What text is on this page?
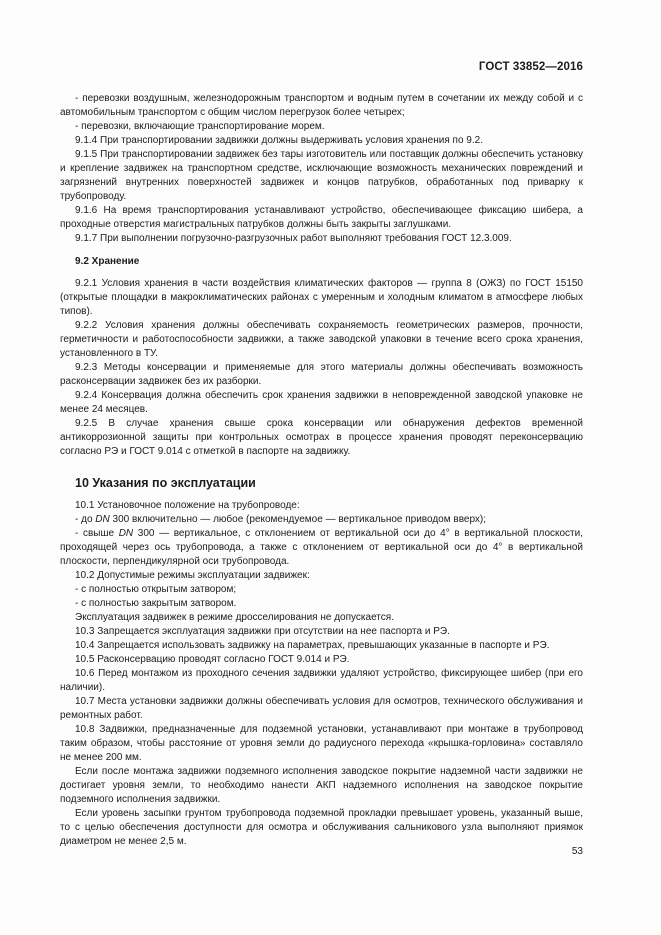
ГОСТ 33852—2016

- перевозки воздушным, железнодорожным транспортом и водным путем в сочетании их между собой и с автомобильным транспортом с общим числом перегрузок более четырех;

- перевозки, включающие транспортирование морем.

9.1.4 При транспортировании задвижки должны выдерживать условия хранения по 9.2.

9.1.5 При транспортировании задвижек без тары изготовитель или поставщик должны обеспечить установку и крепление задвижек на транспортном средстве, исключающие возможность механических повреждений и загрязнений внутренних поверхностей задвижек и концов патрубков, обработанных под приварку к трубопроводу.

9.1.6 На время транспортирования устанавливают устройство, обеспечивающее фиксацию шибера, а проходные отверстия магистральных патрубков должны быть закрыты заглушками.

9.1.7 При выполнении погрузочно-разгрузочных работ выполняют требования ГОСТ 12.3.009.

9.2 Хранение

9.2.1 Условия хранения в части воздействия климатических факторов — группа 8 (ОЖЗ) по ГОСТ 15150 (открытые площадки в макроклиматических районах с умеренным и холодным климатом в атмосфере любых типов).

9.2.2 Условия хранения должны обеспечивать сохраняемость геометрических размеров, прочности, герметичности и работоспособности задвижки, а также заводской упаковки в течение всего срока хранения, установленного в ТУ.

9.2.3 Методы консервации и применяемые для этого материалы должны обеспечивать возможность расконсервации задвижек без их разборки.

9.2.4 Консервация должна обеспечить срок хранения задвижки в неповрежденной заводской упаковке не менее 24 месяцев.

9.2.5 В случае хранения свыше срока консервации или обнаружения дефектов временной антикоррозионной защиты при контрольных осмотрах в процессе хранения проводят переконсервацию согласно РЭ и ГОСТ 9.014 с отметкой в паспорте на задвижку.

10 Указания по эксплуатации

10.1 Установочное положение на трубопроводе:

- до DN 300 включительно — любое (рекомендуемое — вертикальное приводом вверх);

- свыше DN 300 — вертикальное, с отклонением от вертикальной оси до 4° в вертикальной плоскости, проходящей через ось трубопровода, а также с отклонением от вертикальной оси до 4° в вертикальной плоскости, перпендикулярной оси трубопровода.

10.2 Допустимые режимы эксплуатации задвижек:

- с полностью открытым затвором;

- с полностью закрытым затвором.

Эксплуатация задвижек в режиме дросселирования не допускается.

10.3 Запрещается эксплуатация задвижки при отсутствии на нее паспорта и РЭ.

10.4 Запрещается использовать задвижку на параметрах, превышающих указанные в паспорте и РЭ.

10.5 Расконсервацию проводят согласно ГОСТ 9.014 и РЭ.

10.6 Перед монтажом из проходного сечения задвижки удаляют устройство, фиксирующее шибер (при его наличии).

10.7 Места установки задвижки должны обеспечивать условия для осмотров, технического обслуживания и ремонтных работ.

10.8 Задвижки, предназначенные для подземной установки, устанавливают при монтаже в трубопровод таким образом, чтобы расстояние от уровня земли до радиусного перехода «крышка-горловина» составляло не менее 200 мм.

Если после монтажа задвижки подземного исполнения заводское покрытие надземной части задвижки не достигает уровня земли, то необходимо нанести АКП надземного исполнения на заводское покрытие подземного исполнения задвижки.

Если уровень засыпки грунтом трубопровода подземной прокладки превышает уровень, указанный выше, то с целью обеспечения доступности для осмотра и обслуживания сальникового узла выполняют приямок диаметром не менее 2,5 м.

53
